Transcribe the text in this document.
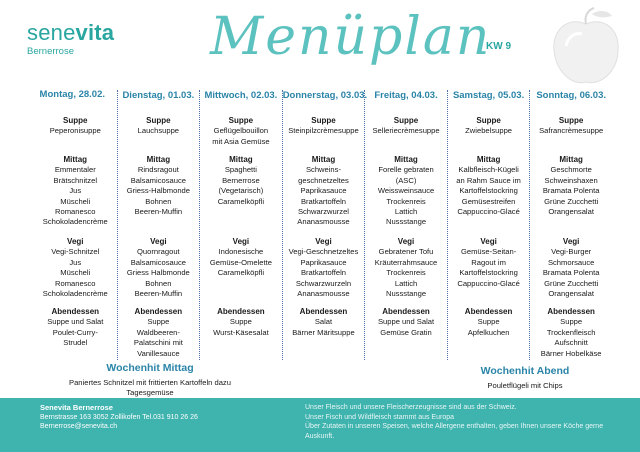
senevita
Bernerrose	Menüplan
KW 9
Montag, 28.02.
Suppe
Peperonisuppe
Mittag
Emmentaler
Brätschnitzel
Jus
Müscheli
Romanesco
Schokoladencrème
Vegi
Vegi-Schnitzel
Jus
Müscheli
Romanesco
Schokoladencrème
Abendessen
Suppe und Salat
Poulet-Curry-
Strudel
Dienstag, 01.03.
Suppe
Lauchsuppe
Mittag
Rindsragout
Balsamicosauce
Griess-Halbmonde
Bohnen
Beeren-Muffin
Vegi
Quornragout
Balsamicosauce
Griess Halbmonde
Bohnen
Beeren-Muffin
Abendessen
Suppe
Waldbeeren-
Palatschini mit
Vanillesauce
Mittwoch, 02.03.
Suppe
Geflügelbouillon
mit Asia Gemüse
Mittag
Spaghetti
Bernerrose
(Vegetarisch)
Caramelköpfli
Vegi
Indonesische
Gemüse-Omelette
Caramelköpfli
Abendessen
Suppe
Wurst-Käsesalat
Donnerstag, 03.03.
Suppe
Steinpilzcrèmesuppe
Mittag
Schweins-
geschnetzeltes
Paprikasauce
Bratkartoffeln
Schwarzwurzel
Ananasmousse
Vegi
Vegi-Geschnetzeltes
Paprikasauce
Bratkartoffeln
Schwarzwurzeln
Ananasmousse
Abendessen
Salat
Bärner Märitsuppe
Freitag, 04.03.
Suppe
Selleriecrèmesuppe
Mittag
Forelle gebraten
(ASC)
Weissweinsauce
Trockenreis
Lattich
Nussstange
Vegi
Gebratener Tofu
Kräuterrahmsauce
Trockenreis
Lattich
Nussstange
Abendessen
Suppe und Salat
Gemüse Gratin
Samstag, 05.03.
Suppe
Zwiebelsuppe
Mittag
Kalbfleisch-Kügeli
an Rahm Sauce im
Kartoffelstockring
Gemüsestreifen
Cappuccino-Glacé
Vegi
Gemüse-Seitan-
Ragout im
Kartoffelstockring
Cappuccino-Glacé
Abendessen
Suppe
Apfelkuchen
Sonntag, 06.03.
Suppe
Safrancrèmesuppe
Mittag
Geschmorte
Schweinshaxen
Bramata Polenta
Grüne Zucchetti
Orangensalat
Vegi
Vegi-Burger
Schmorsauce
Bramata Polenta
Grüne Zucchetti
Orangensalat
Abendessen
Suppe
Trockenfleisch
Aufschnitt
Bärner Hobelkäse
Wochenhit Mittag
Paniertes Schnitzel mit frittierten Kartoffeln dazu
Tagesgemüse
Wochenhit Abend
Pouletflügeli mit Chips
Senevita Bernerrose
Bernstrasse 163 3052 Zollikofen Tel.031 910 26 26
Bernerrose@senevita.ch
Unser Fleisch und unsere Fleischerzeugnisse sind aus der Schweiz.
Unser Fisch und Wildfleisch stammt aus Europa
Über Zutaten in unseren Speisen, welche Allergene enthalten, geben Ihnen unsere Köche gerne
Auskunft.
